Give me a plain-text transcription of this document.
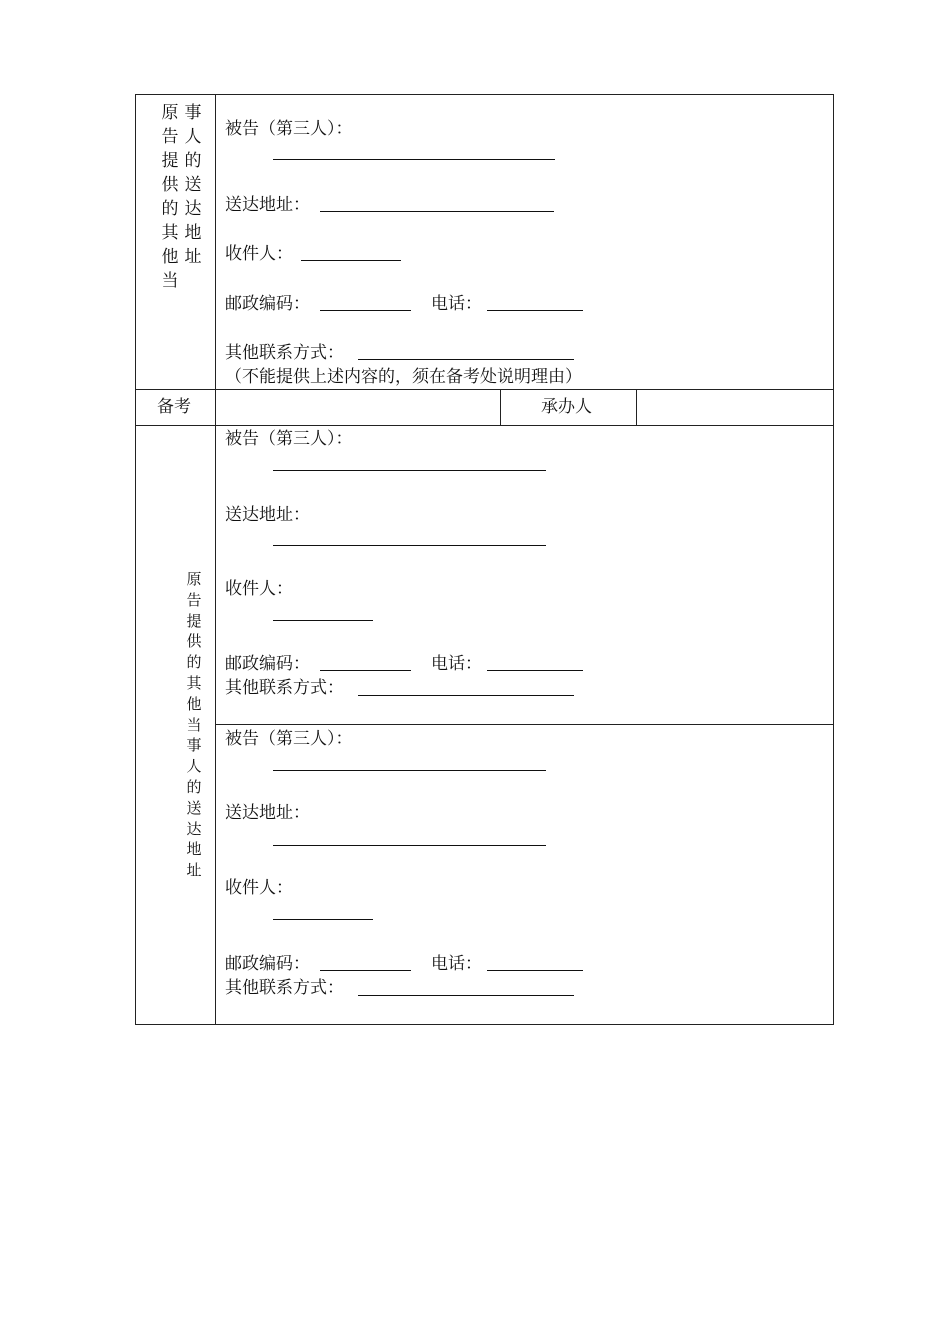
原
告
提
供
的
其
他
当
事
人
的
送
达
地
址
被告（第三人）：
送达地址：
收件人：
邮政编码：	电话：
其他联系方式：
（不能提供上述内容的，须在备考处说明理由）
备考	承办人
原
告
提
供
的
其
他
当
事
人
的
送
达
地
址
被告（第三人）：
送达地址：
收件人：
邮政编码：	电话：
其他联系方式：
被告（第三人）：
送达地址：
收件人：
邮政编码：	电话：
其他联系方式：
